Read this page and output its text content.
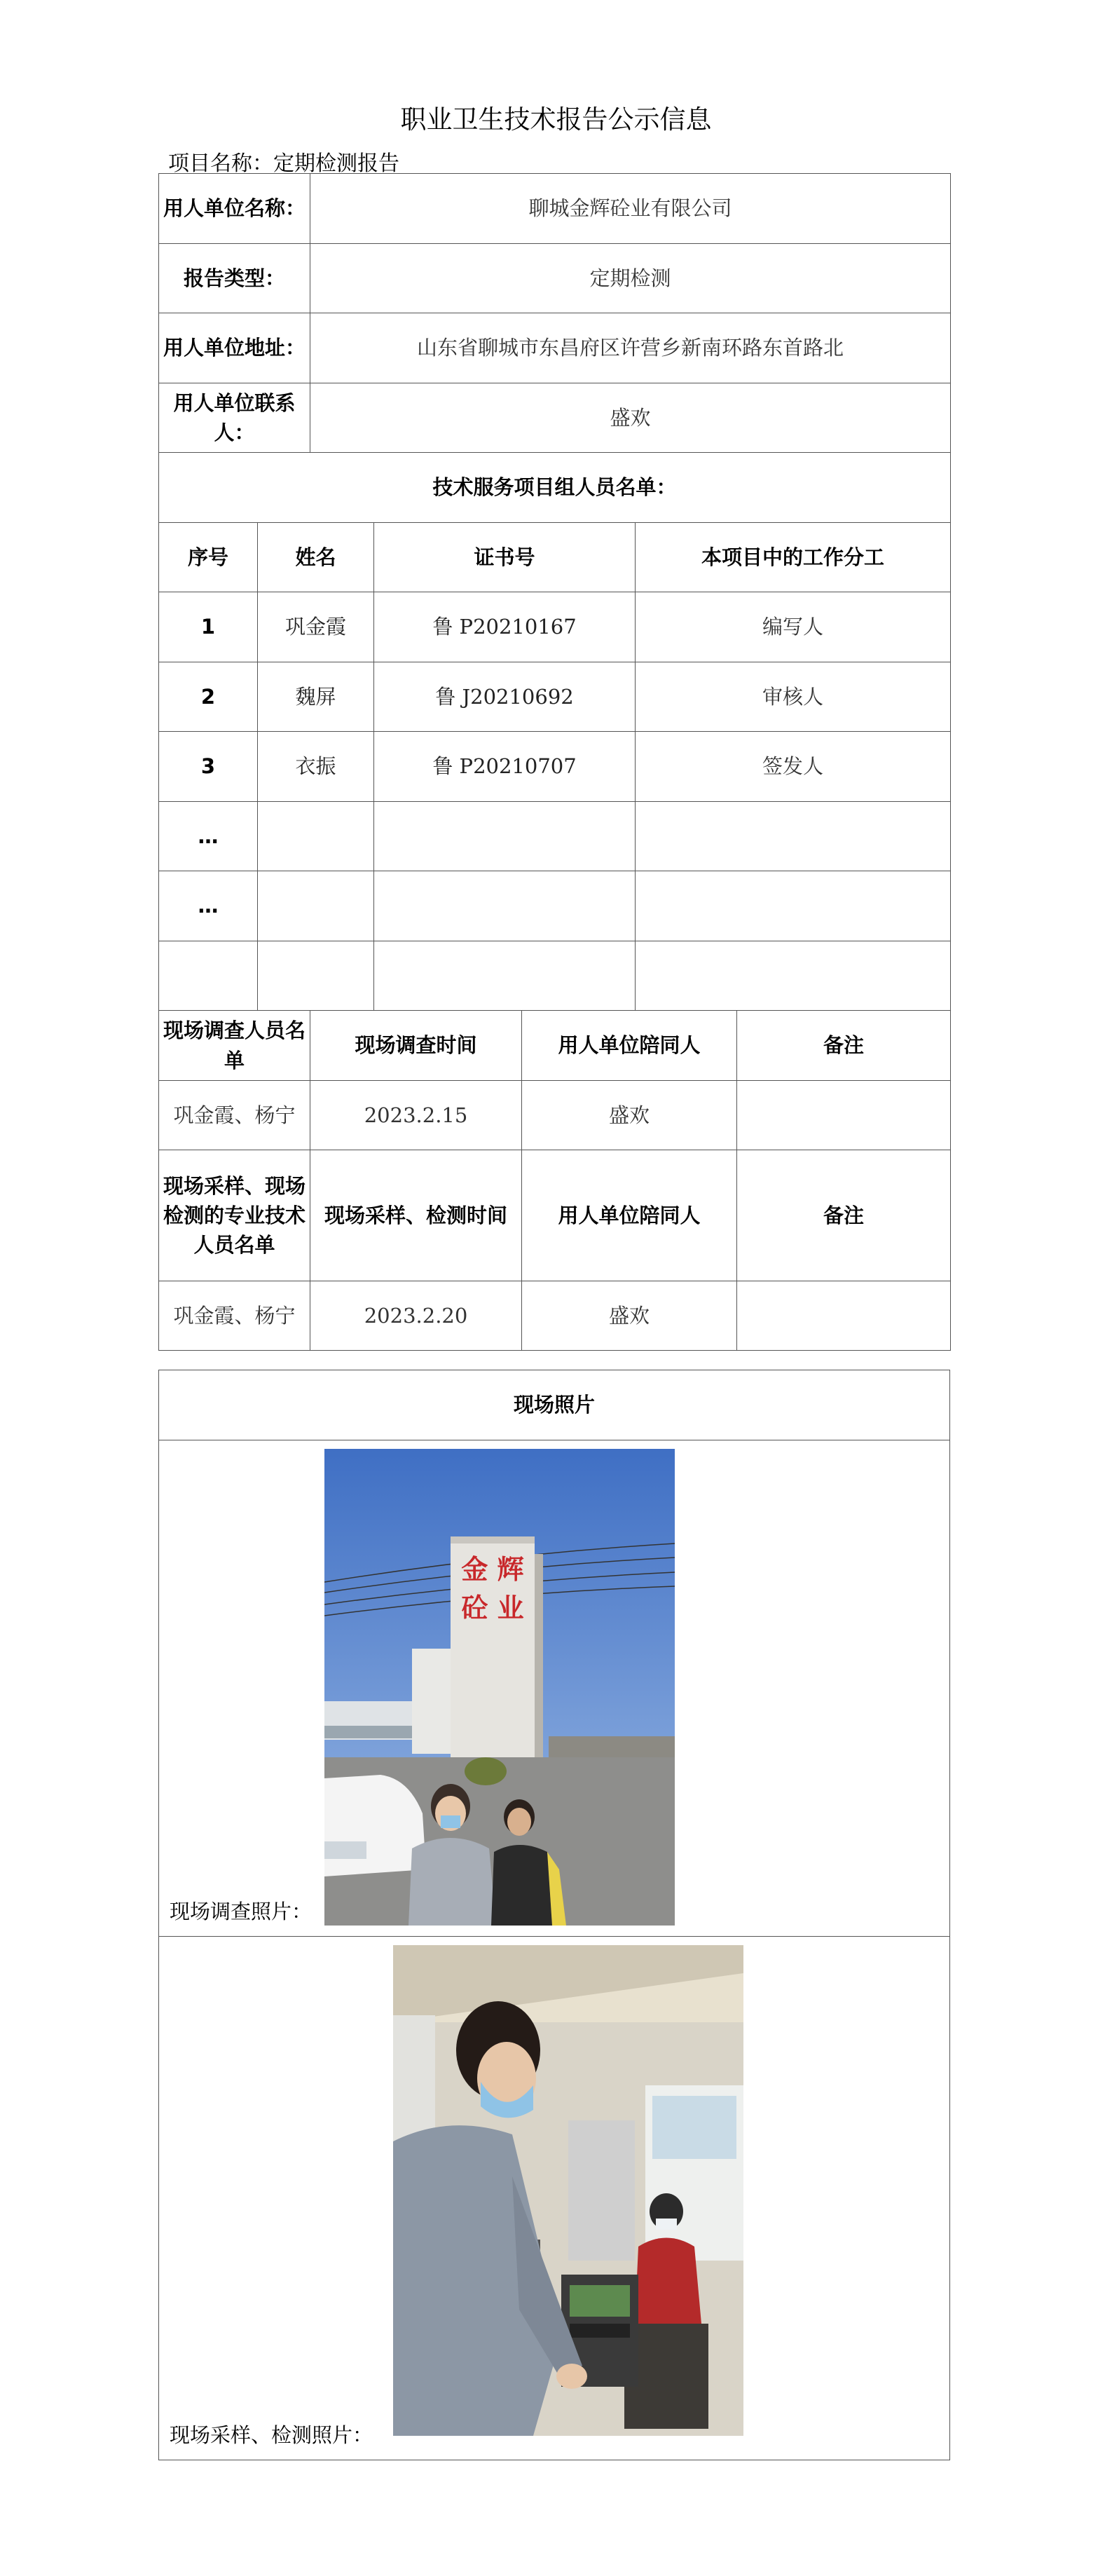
职业卫生技术报告公示信息
项目名称：定期检测报告
用人单位名称：		聊城金辉砼业有限公司				
报告类型：		定期检测				
用人单位地址：		山东省聊城市东昌府区许营乡新南环路东首路北				
用人单位联系人：		盛欢				
技术服务项目组人员名单：						
序号	姓名		证书号		本项目中的工作分工	
1	巩金霞		鲁 P20210167		编写人	
2	魏屏		鲁 J20210692		审核人	
3	衣振		鲁 P20210707		签发人	
…						
…						

现场调查人员名单		现场调查时间		用人单位陪同人		备注
巩金霞、杨宁		2023.2.15		盛欢		
现场采样、现场检测的专业技术人员名单		现场采样、检测时间		用人单位陪同人		备注
巩金霞、杨宁		2023.2.20		盛欢		
现场照片

金 辉
砼 业
现场调查照片：

现场采样、检测照片：
